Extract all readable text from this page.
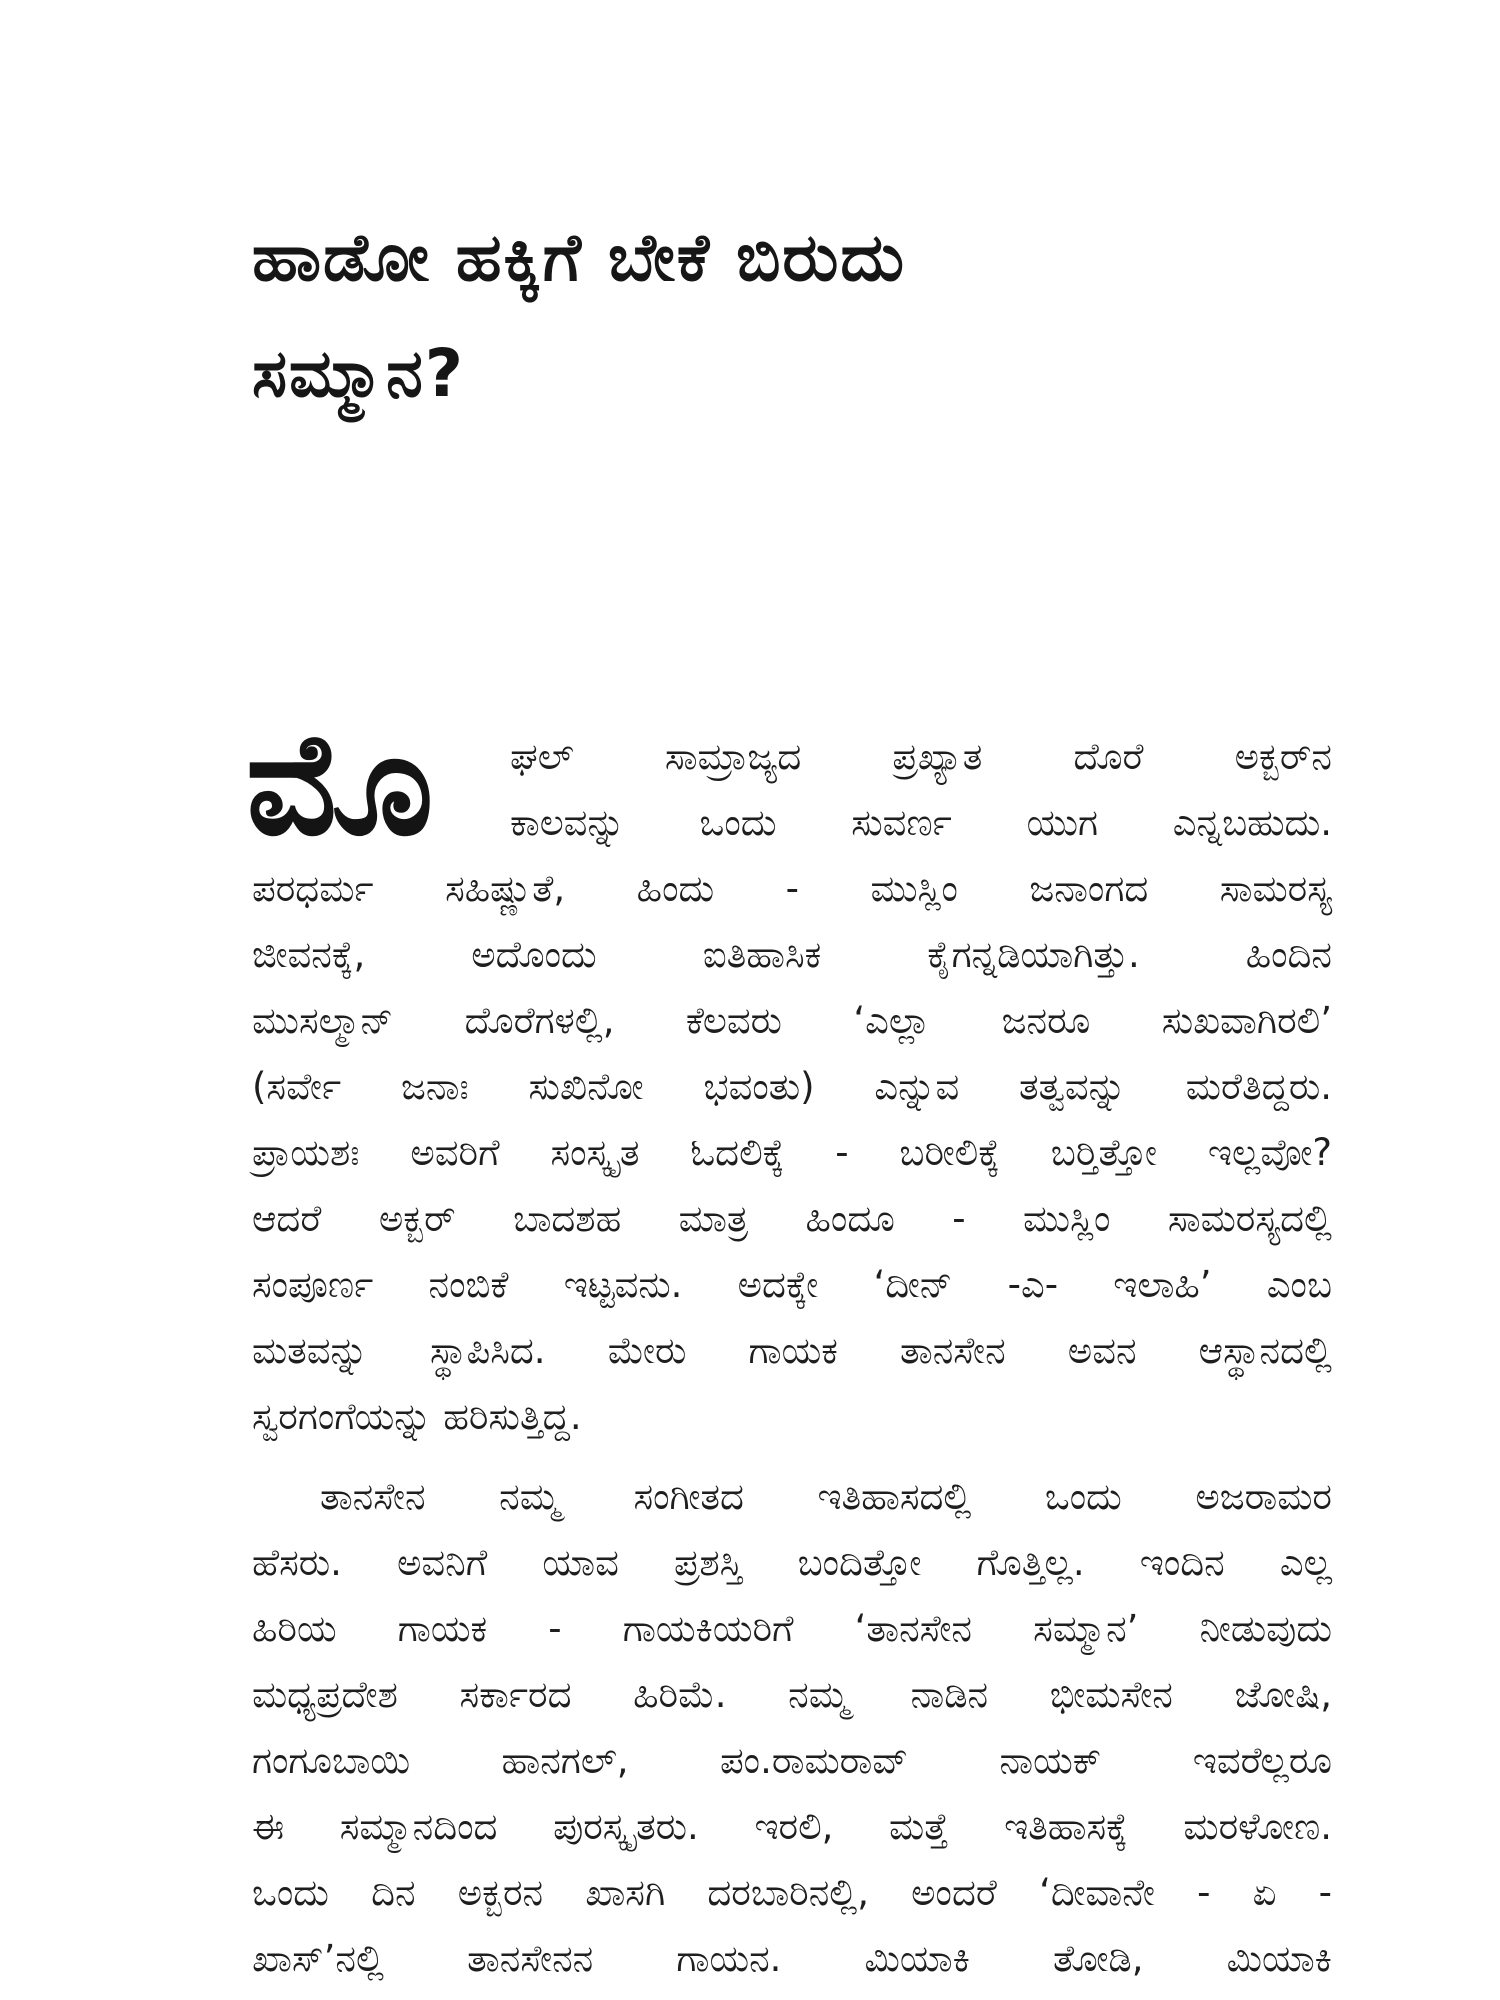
ಹಾಡೋ ಹಕ್ಕಿಗೆ ಬೇಕೆ ಬಿರುದು
ಸಮ್ಮಾನ?
ಮೊ ಘಲ್ ಸಾಮ್ರಾಜ್ಯದ ಪ್ರಖ್ಯಾತ ದೊರೆ ಅಕ್ಬರ್‌ನ
ಕಾಲವನ್ನು ಒಂದು ಸುವರ್ಣ ಯುಗ ಎನ್ನಬಹುದು.
ಪರಧರ್ಮ ಸಹಿಷ್ಣುತೆ, ಹಿಂದು - ಮುಸ್ಲಿಂ ಜನಾಂಗದ ಸಾಮರಸ್ಯ
ಜೀವನಕ್ಕೆ, ಅದೊಂದು ಐತಿಹಾಸಿಕ ಕೈಗನ್ನಡಿಯಾಗಿತ್ತು. ಹಿಂದಿನ
ಮುಸಲ್ಮಾನ್ ದೊರೆಗಳಲ್ಲಿ, ಕೆಲವರು ‘ಎಲ್ಲಾ ಜನರೂ ಸುಖವಾಗಿರಲಿ’
(ಸರ್ವೇ ಜನಾಃ ಸುಖಿನೋ ಭವಂತು) ಎನ್ನುವ ತತ್ವವನ್ನು ಮರೆತಿದ್ದರು.
ಪ್ರಾಯಶಃ ಅವರಿಗೆ ಸಂಸ್ಕೃತ ಓದಲಿಕ್ಕೆ - ಬರೀಲಿಕ್ಕೆ ಬರ್‍ತಿತ್ತೋ ಇಲ್ಲವೋ?
ಆದರೆ ಅಕ್ಬರ್ ಬಾದಶಹ ಮಾತ್ರ ಹಿಂದೂ - ಮುಸ್ಲಿಂ ಸಾಮರಸ್ಯದಲ್ಲಿ
ಸಂಪೂರ್ಣ ನಂಬಿಕೆ ಇಟ್ಟವನು. ಅದಕ್ಕೇ ‘ದೀನ್ -ಎ- ಇಲಾಹಿ’ ಎಂಬ
ಮತವನ್ನು ಸ್ಥಾಪಿಸಿದ. ಮೇರು ಗಾಯಕ ತಾನಸೇನ ಅವನ ಆಸ್ಥಾನದಲ್ಲಿ
ಸ್ವರಗಂಗೆಯನ್ನು ಹರಿಸುತ್ತಿದ್ದ.
ತಾನಸೇನ ನಮ್ಮ ಸಂಗೀತದ ಇತಿಹಾಸದಲ್ಲಿ ಒಂದು ಅಜರಾಮರ
ಹೆಸರು. ಅವನಿಗೆ ಯಾವ ಪ್ರಶಸ್ತಿ ಬಂದಿತ್ತೋ ಗೊತ್ತಿಲ್ಲ. ಇಂದಿನ ಎಲ್ಲ
ಹಿರಿಯ ಗಾಯಕ - ಗಾಯಕಿಯರಿಗೆ ‘ತಾನಸೇನ ಸಮ್ಮಾನ’ ನೀಡುವುದು
ಮಧ್ಯಪ್ರದೇಶ ಸರ್ಕಾರದ ಹಿರಿಮೆ. ನಮ್ಮ ನಾಡಿನ ಭೀಮಸೇನ ಜೋಷಿ,
ಗಂಗೂಬಾಯಿ ಹಾನಗಲ್, ಪಂ.ರಾಮರಾವ್ ನಾಯಕ್ ಇವರೆಲ್ಲರೂ
ಈ ಸಮ್ಮಾನದಿಂದ ಪುರಸ್ಕೃತರು. ಇರಲಿ, ಮತ್ತೆ ಇತಿಹಾಸಕ್ಕೆ ಮರಳೋಣ.
ಒಂದು ದಿನ ಅಕ್ಬರನ ಖಾಸಗಿ ದರಬಾರಿನಲ್ಲಿ, ಅಂದರೆ ‘ದೀವಾನೇ - ಏ -
ಖಾಸ್’ನಲ್ಲಿ ತಾನಸೇನನ ಗಾಯನ. ಮಿಯಾಕಿ ತೋಡಿ, ಮಿಯಾಕಿ
